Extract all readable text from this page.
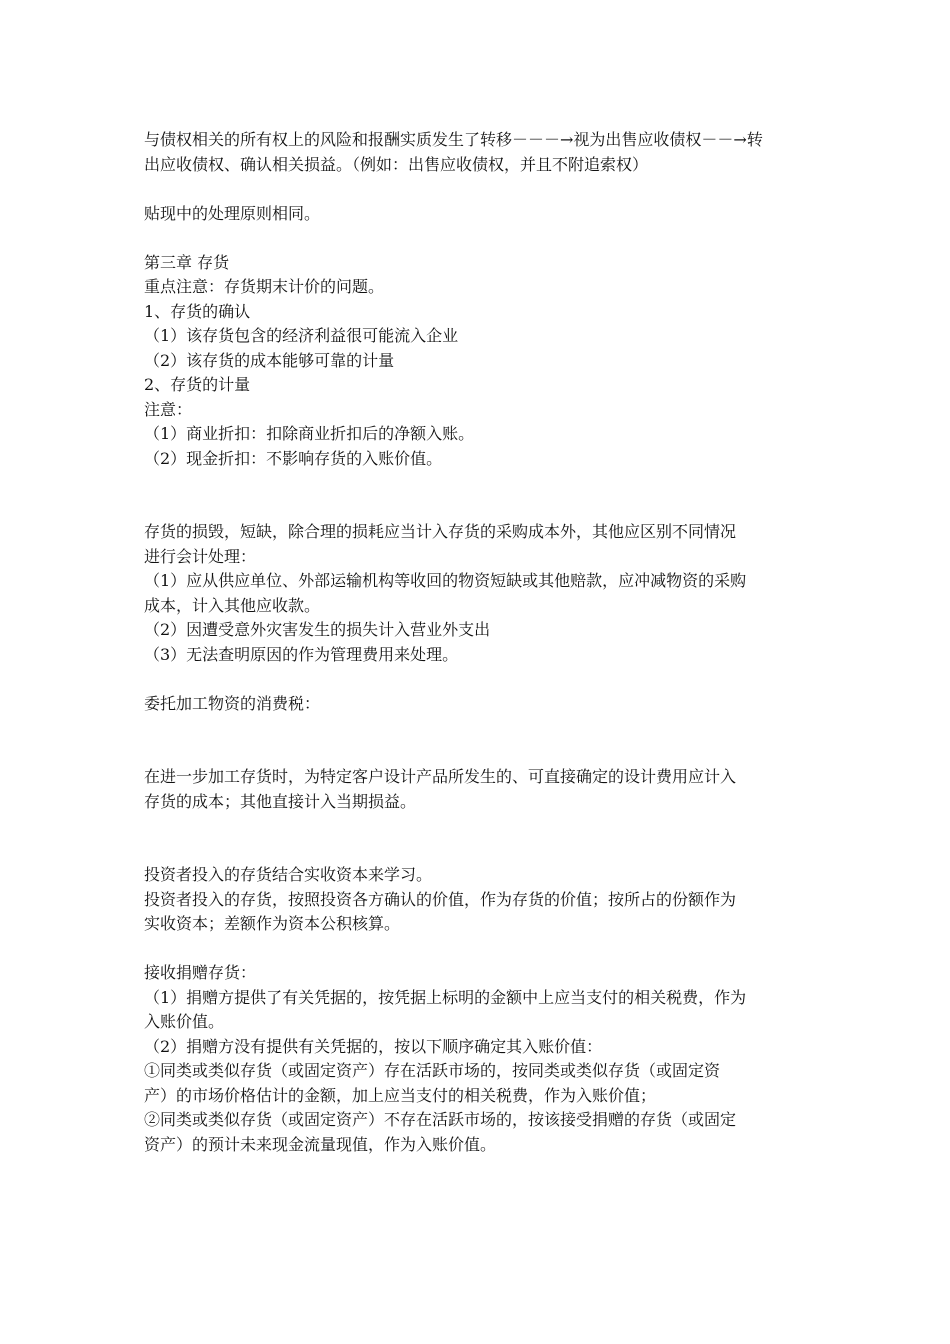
与债权相关的所有权上的风险和报酬实质发生了转移－－－→视为出售应收债权－－→转
出应收债权、确认相关损益。（例如：出售应收债权，并且不附追索权）
贴现中的处理原则相同。
第三章 存货
重点注意：存货期末计价的问题。
1、存货的确认
（1）该存货包含的经济利益很可能流入企业
（2）该存货的成本能够可靠的计量
2、存货的计量
注意：
（1）商业折扣：扣除商业折扣后的净额入账。
（2）现金折扣：不影响存货的入账价值。
存货的损毁，短缺，除合理的损耗应当计入存货的采购成本外，其他应区别不同情况
进行会计处理：
（1）应从供应单位、外部运输机构等收回的物资短缺或其他赔款，应冲减物资的采购
成本，计入其他应收款。
（2）因遭受意外灾害发生的损失计入营业外支出
（3）无法查明原因的作为管理费用来处理。
委托加工物资的消费税：
在进一步加工存货时，为特定客户设计产品所发生的、可直接确定的设计费用应计入
存货的成本；其他直接计入当期损益。
投资者投入的存货结合实收资本来学习。
投资者投入的存货，按照投资各方确认的价值，作为存货的价值；按所占的份额作为
实收资本；差额作为资本公积核算。
接收捐赠存货：
（1）捐赠方提供了有关凭据的，按凭据上标明的金额中上应当支付的相关税费，作为
入账价值。
（2）捐赠方没有提供有关凭据的，按以下顺序确定其入账价值：
①同类或类似存货（或固定资产）存在活跃市场的，按同类或类似存货（或固定资
产）的市场价格估计的金额，加上应当支付的相关税费，作为入账价值；
②同类或类似存货（或固定资产）不存在活跃市场的，按该接受捐赠的存货（或固定
资产）的预计未来现金流量现值，作为入账价值。
